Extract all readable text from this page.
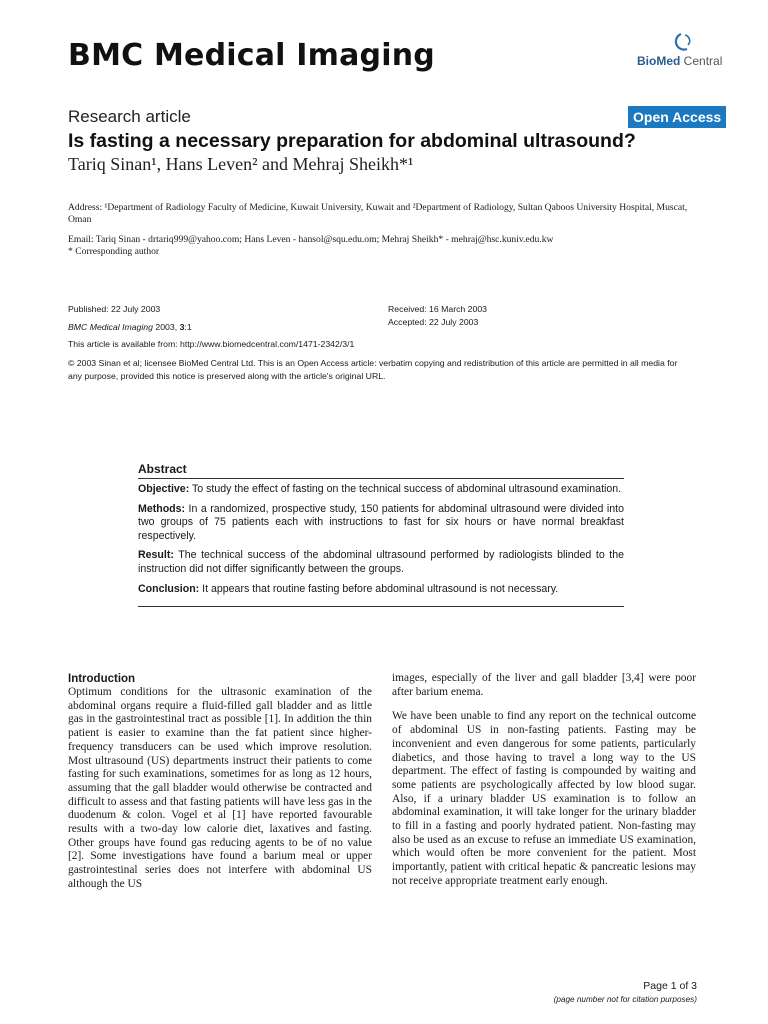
BMC Medical Imaging	BioMed Central
Research article	Open Access
Is fasting a necessary preparation for abdominal ultrasound?
Tariq Sinan¹, Hans Leven² and Mehraj Sheikh*¹
Address: ¹Department of Radiology Faculty of Medicine, Kuwait University, Kuwait and ²Department of Radiology, Sultan Qaboos University Hospital, Muscat, Oman
Email: Tariq Sinan - drtariq999@yahoo.com; Hans Leven - hansol@squ.edu.om; Mehraj Sheikh* - mehraj@hsc.kuniv.edu.kw
* Corresponding author
Published: 22 July 2003
BMC Medical Imaging 2003, 3:1
Received: 16 March 2003
Accepted: 22 July 2003
This article is available from: http://www.biomedcentral.com/1471-2342/3/1
© 2003 Sinan et al; licensee BioMed Central Ltd. This is an Open Access article: verbatim copying and redistribution of this article are permitted in all media for any purpose, provided this notice is preserved along with the article's original URL.
Abstract
Objective: To study the effect of fasting on the technical success of abdominal ultrasound examination.
Methods: In a randomized, prospective study, 150 patients for abdominal ultrasound were divided into two groups of 75 patients each with instructions to fast for six hours or have normal breakfast respectively.
Result: The technical success of the abdominal ultrasound performed by radiologists blinded to the instruction did not differ significantly between the groups.
Conclusion: It appears that routine fasting before abdominal ultrasound is not necessary.
Introduction

Optimum conditions for the ultrasonic examination of the abdominal organs require a fluid-filled gall bladder and as little gas in the gastrointestinal tract as possible [1]. In addition the thin patient is easier to examine than the fat patient since higher-frequency transducers can be used which improve resolution. Most ultrasound (US) departments instruct their patients to come fasting for such examinations, sometimes for as long as 12 hours, assuming that the gall bladder would otherwise be contracted and difficult to assess and that fasting patients will have less gas in the duodenum & colon. Vogel et al [1] have reported favourable results with a two-day low calorie diet, laxatives and fasting. Other groups have found gas reducing agents to be of no value [2]. Some investigations have found a barium meal or upper gastrointestinal series does not interfere with abdominal US although the US

images, especially of the liver and gall bladder [3,4] were poor after barium enema.

We have been unable to find any report on the technical outcome of abdominal US in non-fasting patients. Fasting may be inconvenient and even dangerous for some patients, particularly diabetics, and those having to travel a long way to the US department. The effect of fasting is compounded by waiting and some patients are psychologically affected by low blood sugar. Also, if a urinary bladder US examination is to follow an abdominal examination, it will take longer for the urinary bladder to fill in a fasting and poorly hydrated patient. Non-fasting may also be used as an excuse to refuse an immediate US examination, which would often be more convenient for the patient. Most importantly, patient with critical hepatic & pancreatic lesions may not receive appropriate treatment early enough.

Page 1 of 3
(page number not for citation purposes)
